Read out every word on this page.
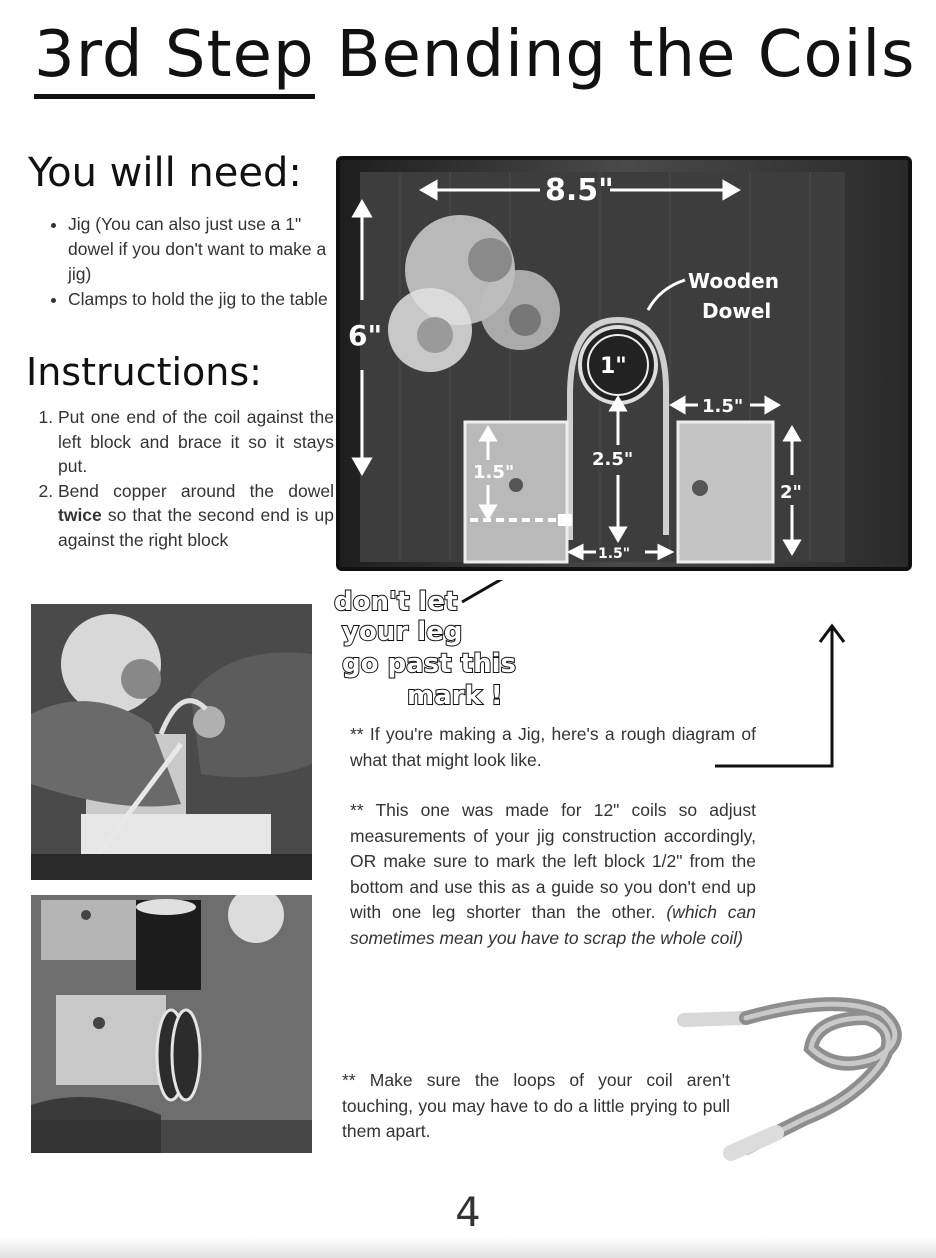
3rd Step Bending the Coils
You will need:
• Jig (You can also just use a 1" dowel if you don't want to make a jig)
• Clamps to hold the jig to the table
Instructions:
1. Put one end of the coil against the left block and brace it so it stays put.
2. Bend copper around the dowel twice so that the second end is up against the right block
8.5"
6"
1"
Wooden
Dowel
1.5"
1.5"
2.5"
2"
1.5"
don't let
your leg
go past this
mark !
** If you're making a Jig, here's a rough diagram of what that might look like.
** This one was made for 12" coils so adjust measurements of your jig construction accordingly, OR make sure to mark the left block 1/2" from the bottom and use this as a guide so you don't end up with one leg shorter than the other. (which can sometimes mean you have to scrap the whole coil)
** Make sure the loops of your coil aren't touching, you may have to do a little prying to pull them apart.
4
